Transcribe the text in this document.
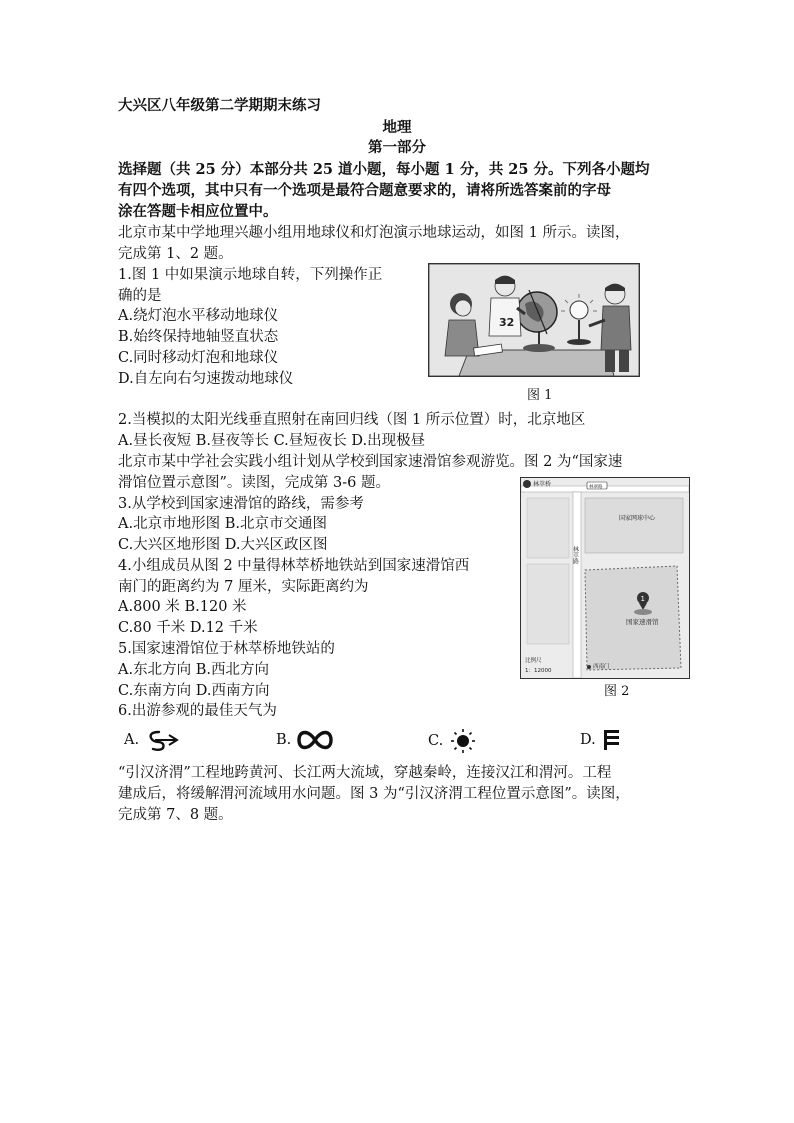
大兴区八年级第二学期期末练习
地理
第一部分
选择题（共 25 分）本部分共 25 道小题，每小题 1 分，共 25 分。下列各小题均
有四个选项，其中只有一个选项是最符合题意要求的，请将所选答案前的字母
涂在答题卡相应位置中。
北京市某中学地理兴趣小组用地球仪和灯泡演示地球运动，如图 1 所示。读图，
完成第 1、2 题。
1.图 1 中如果演示地球自转，下列操作正
确的是
A.绕灯泡水平移动地球仪
B.始终保持地轴竖直状态
C.同时移动灯泡和地球仪
D.自左向右匀速拨动地球仪
32
图 1
2.当模拟的太阳光线垂直照射在南回归线（图 1 所示位置）时，北京地区
A.昼长夜短 B.昼夜等长 C.昼短夜长 D.出现极昼
北京市某中学社会实践小组计划从学校到国家速滑馆参观游览。图 2 为“国家速
滑馆位置示意图”。读图，完成第 3-6 题。
3.从学校到国家速滑馆的路线，需参考
A.北京市地形图 B.北京市交通图
C.大兴区地形图 D.大兴区政区图
4.小组成员从图 2 中量得林萃桥地铁站到国家速滑馆西
南门的距离约为 7 厘米，实际距离约为
A.800 米 B.120 米
C.80 千米 D.12 千米
5.国家速滑馆位于林萃桥地铁站的
A.东北方向 B.西北方向
C.东南方向 D.西南方向
林萃桥	林翠路
国家网球中心
林萃路
1
国家速滑馆
西南门
比例尺
1：12000
图 2
6.出游参观的最佳天气为
A.	B.	C.	D.
“引汉济渭”工程地跨黄河、长江两大流域，穿越秦岭，连接汉江和渭河。工程
建成后，将缓解渭河流域用水问题。图 3 为“引汉济渭工程位置示意图”。读图，
完成第 7、8 题。
